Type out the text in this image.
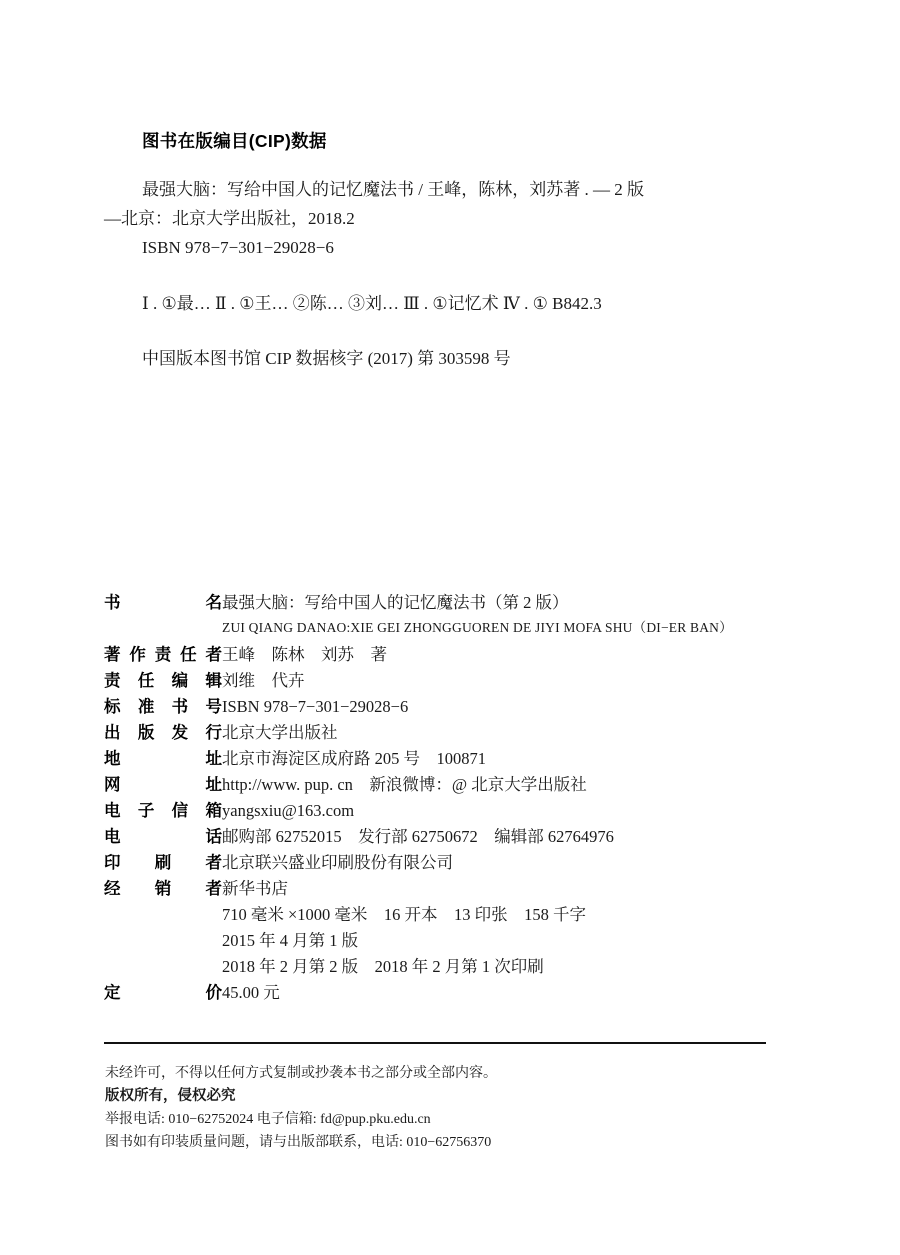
图书在版编目(CIP)数据
最强大脑：写给中国人的记忆魔法书 / 王峰，陈林，刘苏著 . — 2 版
—北京：北京大学出版社，2018.2
ISBN 978−7−301−29028−6
Ⅰ . ①最… Ⅱ . ①王… ②陈… ③刘… Ⅲ . ①记忆术 Ⅳ . ① B842.3
中国版本图书馆 CIP 数据核字 (2017) 第 303598 号
书　名 最强大脑：写给中国人的记忆魔法书（第 2 版）
ZUI QIANG DANAO:XIE GEI ZHONGGUOREN DE JIYI MOFA SHU（DI−ER BAN）
著作责任者 王峰　陈林　刘苏　著
责任编辑 刘维　代卉
标准书号 ISBN 978−7−301−29028−6
出版发行 北京大学出版社
地　址 北京市海淀区成府路 205 号　100871
网　址 http://www. pup. cn　新浪微博：@ 北京大学出版社
电子信箱 yangsxiu@163.com
电　话 邮购部 62752015　发行部 62750672　编辑部 62764976
印刷者 北京联兴盛业印刷股份有限公司
经销者 新华书店
710 毫米 ×1000 毫米　16 开本　13 印张　158 千字
2015 年 4 月第 1 版
2018 年 2 月第 2 版　2018 年 2 月第 1 次印刷
定　价 45.00 元
未经许可，不得以任何方式复制或抄袭本书之部分或全部内容。
版权所有，侵权必究
举报电话: 010−62752024 电子信箱: fd@pup.pku.edu.cn
图书如有印装质量问题，请与出版部联系，电话: 010−62756370
